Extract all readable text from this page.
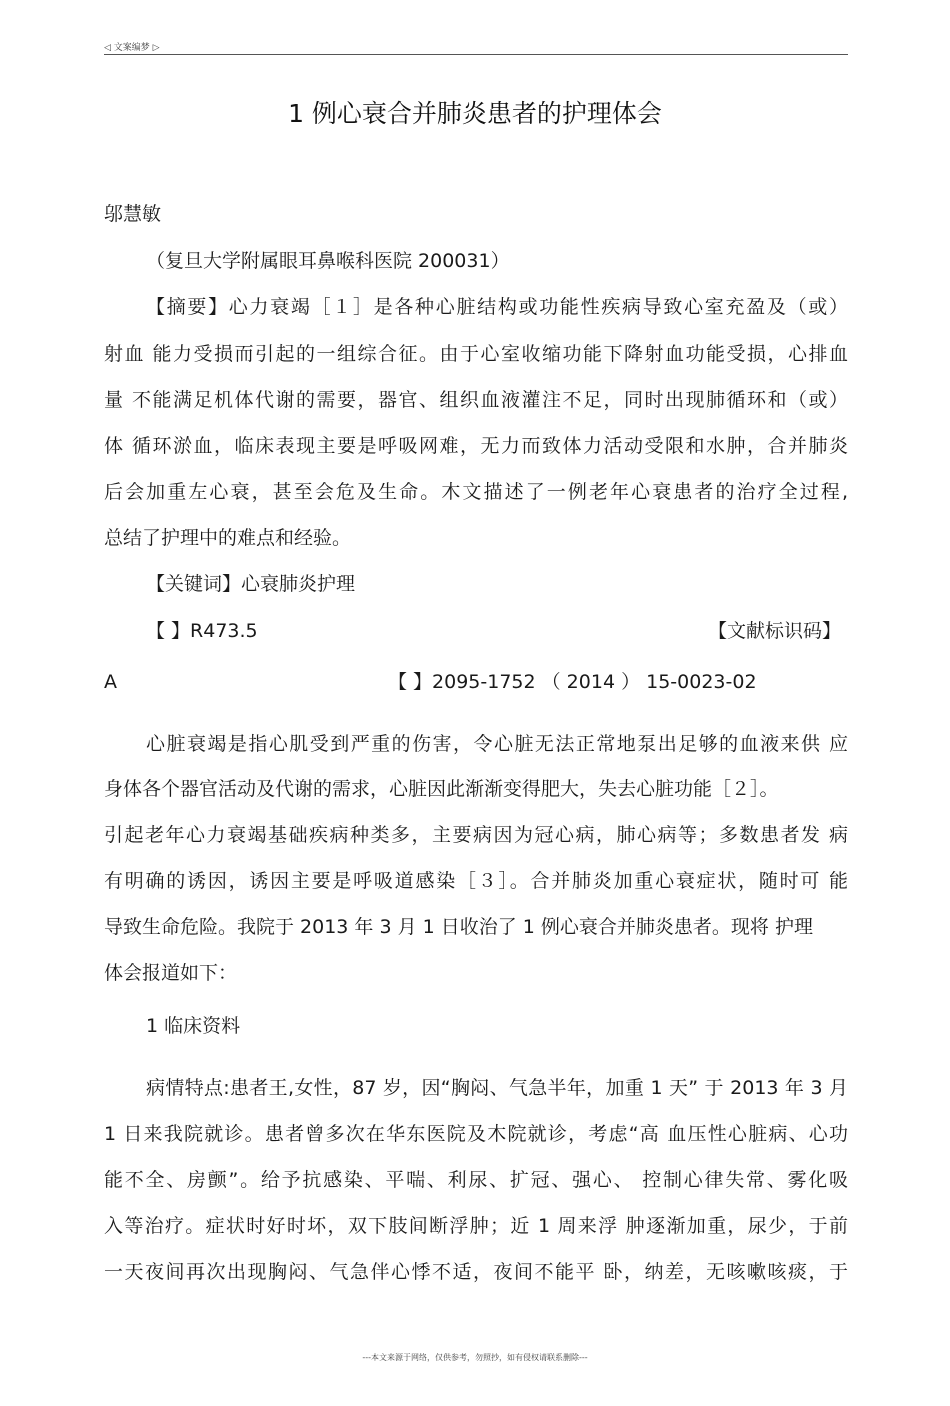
◁ 文案编梦 ▷
1 例心衰合并肺炎患者的护理体会
邬慧敏
（复旦大学附属眼耳鼻喉科医院 200031）
【摘要】心力衰竭［１］是各种心脏结构或功能性疾病导致心室充盈及（或）
射血 能力受损而引起的一组综合征。由于心室收缩功能下降射血功能受损，心排血
量 不能满足机体代谢的需要，器官、组织血液灌注不足，同时出现肺循环和（或）
体 循环淤血，临床表现主要是呼吸网难，无力而致体力活动受限和水肿，合并肺炎
后会加重左心衰，甚至会危及生命。木文描述了一例老年心衰患者的治疗全过程,
总结了护理中的难点和经验。
【关键词】心衰肺炎护理
【 】R473.5	【文献标识码】
A	【 】2095-1752 （ 2014 ） 15-0023-02
心脏衰竭是指心肌受到严重的伤害，令心脏无法正常地泵出足够的血液来供 应
身体各个器官活动及代谢的需求，心脏因此渐渐变得肥大，失去心脏功能［２］。
引起老年心力衰竭基础疾病种类多，主要病因为冠心病，肺心病等；多数患者发 病
有明确的诱因，诱因主要是呼吸道感染［３］。合并肺炎加重心衰症状，随时可 能
导致生命危险。我院于 2013 年 3 月 1 日收治了 1 例心衰合并肺炎患者。现将 护理
体会报道如下：
1 临床资料
病情特点:患者王,女性，87 岁，因“胸闷、气急半年，加重 1 天” 于 2013 年 3 月
1 日来我院就诊。患者曾多次在华东医院及木院就诊，考虑“高 血压性心脏病、心功
能不全、房颤”。给予抗感染、平喘、利尿、扩冠、强心、 控制心律失常、雾化吸
入等治疗。症状时好时坏，双下肢间断浮肿；近 1 周来浮 肿逐渐加重，尿少，于前
一天夜间再次出现胸闷、气急伴心悸不适，夜间不能平 卧，纳差，无咳嗽咳痰，于
---本文来源于网络，仅供参考，勿照抄，如有侵权请联系删除---
